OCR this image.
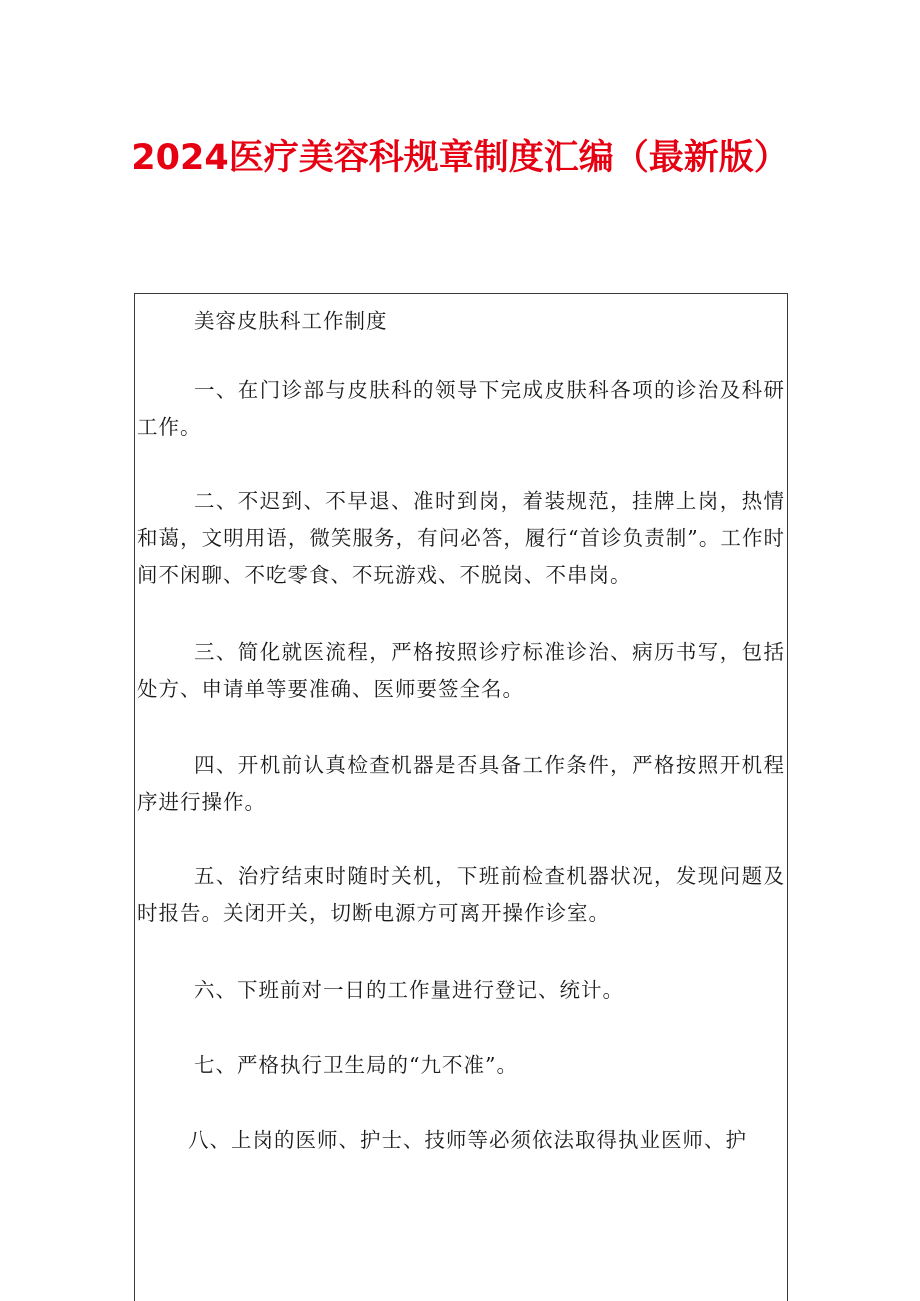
2024医疗美容科规章制度汇编（最新版）

美容皮肤科工作制度

一、在门诊部与皮肤科的领导下完成皮肤科各项的诊治及科研工作。

二、不迟到、不早退、准时到岗，着装规范，挂牌上岗，热情和蔼，文明用语，微笑服务，有问必答，履行“首诊负责制”。工作时间不闲聊、不吃零食、不玩游戏、不脱岗、不串岗。

三、简化就医流程，严格按照诊疗标准诊治、病历书写，包括处方、申请单等要准确、医师要签全名。

四、开机前认真检查机器是否具备工作条件，严格按照开机程序进行操作。

五、治疗结束时随时关机，下班前检查机器状况，发现问题及时报告。关闭开关，切断电源方可离开操作诊室。

六、下班前对一日的工作量进行登记、统计。

七、严格执行卫生局的“九不准”。

八、上岗的医师、护士、技师等必须依法取得执业医师、护
